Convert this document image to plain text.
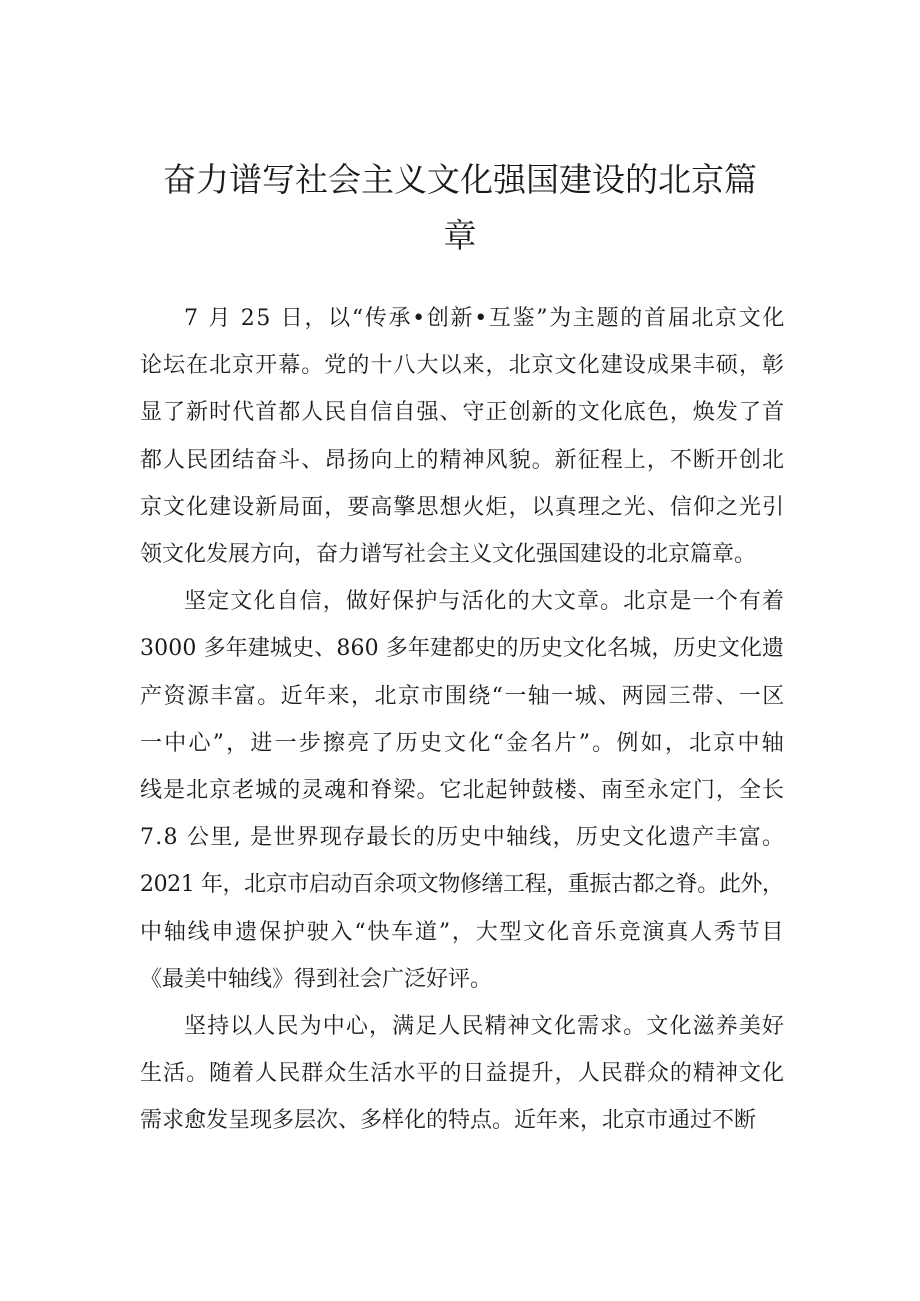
奋力谱写社会主义文化强国建设的北京篇
章
7 月 25 日，以“传承•创新•互鉴”为主题的首届北京文化
论坛在北京开幕。党的十八大以来，北京文化建设成果丰硕，彰
显了新时代首都人民自信自强、守正创新的文化底色，焕发了首
都人民团结奋斗、昂扬向上的精神风貌。新征程上，不断开创北
京文化建设新局面，要高擎思想火炬，以真理之光、信仰之光引
领文化发展方向，奋力谱写社会主义文化强国建设的北京篇章。
坚定文化自信，做好保护与活化的大文章。北京是一个有着
3000 多年建城史、860 多年建都史的历史文化名城，历史文化遗
产资源丰富。近年来，北京市围绕“一轴一城、两园三带、一区
一中心”，进一步擦亮了历史文化“金名片”。例如，北京中轴
线是北京老城的灵魂和脊梁。它北起钟鼓楼、南至永定门，全长
7.8 公里, 是世界现存最长的历史中轴线，历史文化遗产丰富。
2021 年，北京市启动百余项文物修缮工程，重振古都之脊。此外，
中轴线申遗保护驶入“快车道”，大型文化音乐竞演真人秀节目
《最美中轴线》得到社会广泛好评。
坚持以人民为中心，满足人民精神文化需求。文化滋养美好
生活。随着人民群众生活水平的日益提升，人民群众的精神文化
需求愈发呈现多层次、多样化的特点。近年来，北京市通过不断
